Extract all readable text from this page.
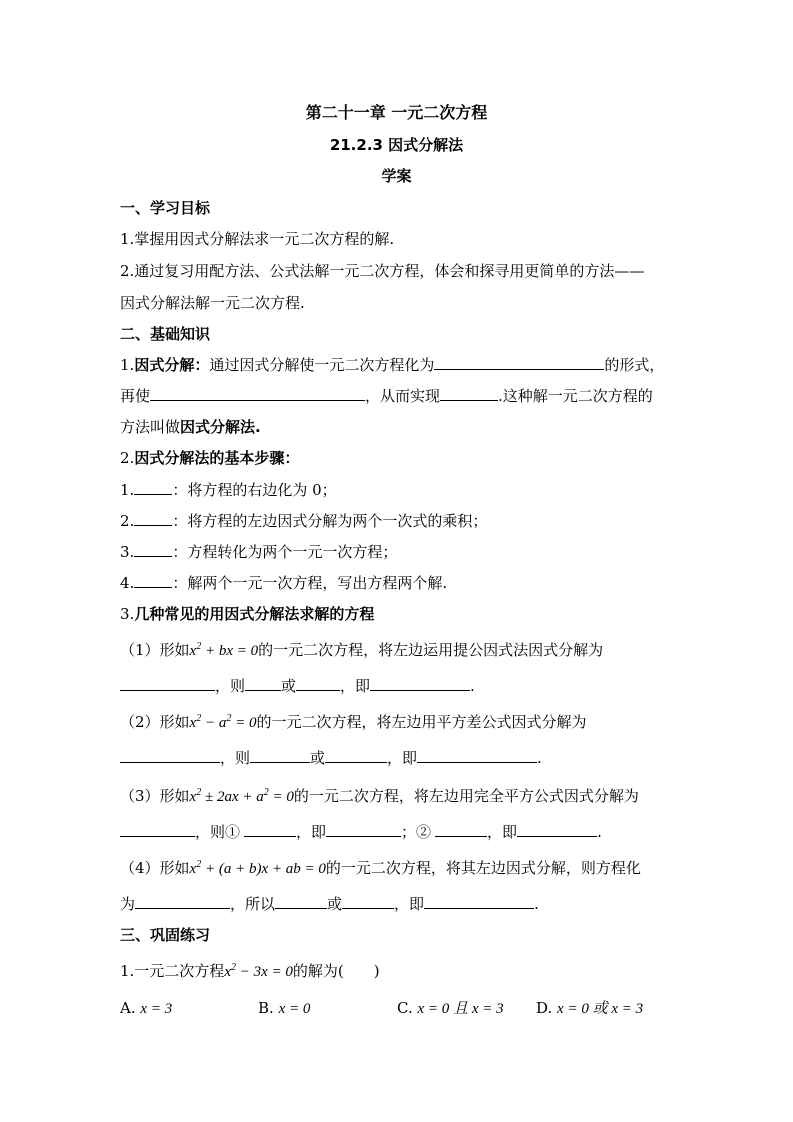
第二十一章 一元二次方程
21.2.3 因式分解法
学案
一、学习目标
1.掌握用因式分解法求一元二次方程的解.
2.通过复习用配方法、公式法解一元二次方程，体会和探寻用更简单的方法——
因式分解法解一元二次方程.
二、基础知识
1.因式分解：通过因式分解使一元二次方程化为	的形式，
再使	，从而实现	.这种解一元二次方程的
方法叫做因式分解法.
2.因式分解法的基本步骤：
1.	：将方程的右边化为 0；
2.	：将方程的左边因式分解为两个一次式的乘积；
3.	：方程转化为两个一元一次方程；
4.	：解两个一元一次方程，写出方程两个解.
3.几种常见的用因式分解法求解的方程
（1）形如$x^2$ + bx = 0的一元二次方程，将左边运用提公因式法因式分解为
，则 或	，即	.
（2）形如$x^2 - a^2 = 0$的一元二次方程，将左边用平方差公式因式分解为
，则	或	，即	.
（3）形如$x^2 \pm 2ax + a^2 = 0$的一元二次方程，将左边用完全平方公式因式分解为
，则①	，即	；②	，即	.
（4）形如$x^2 + (a + b)x$ + ab = 0的一元二次方程，将其左边因式分解，则方程化
为	，所以	或	，即	.
三、巩固练习
1.一元二次方程$x^2 - 3x = 0$的解为(　　)
A. x = 3	B. x = 0	C. x = 0 且 x = 3 D. x = 0 或 x = 3
